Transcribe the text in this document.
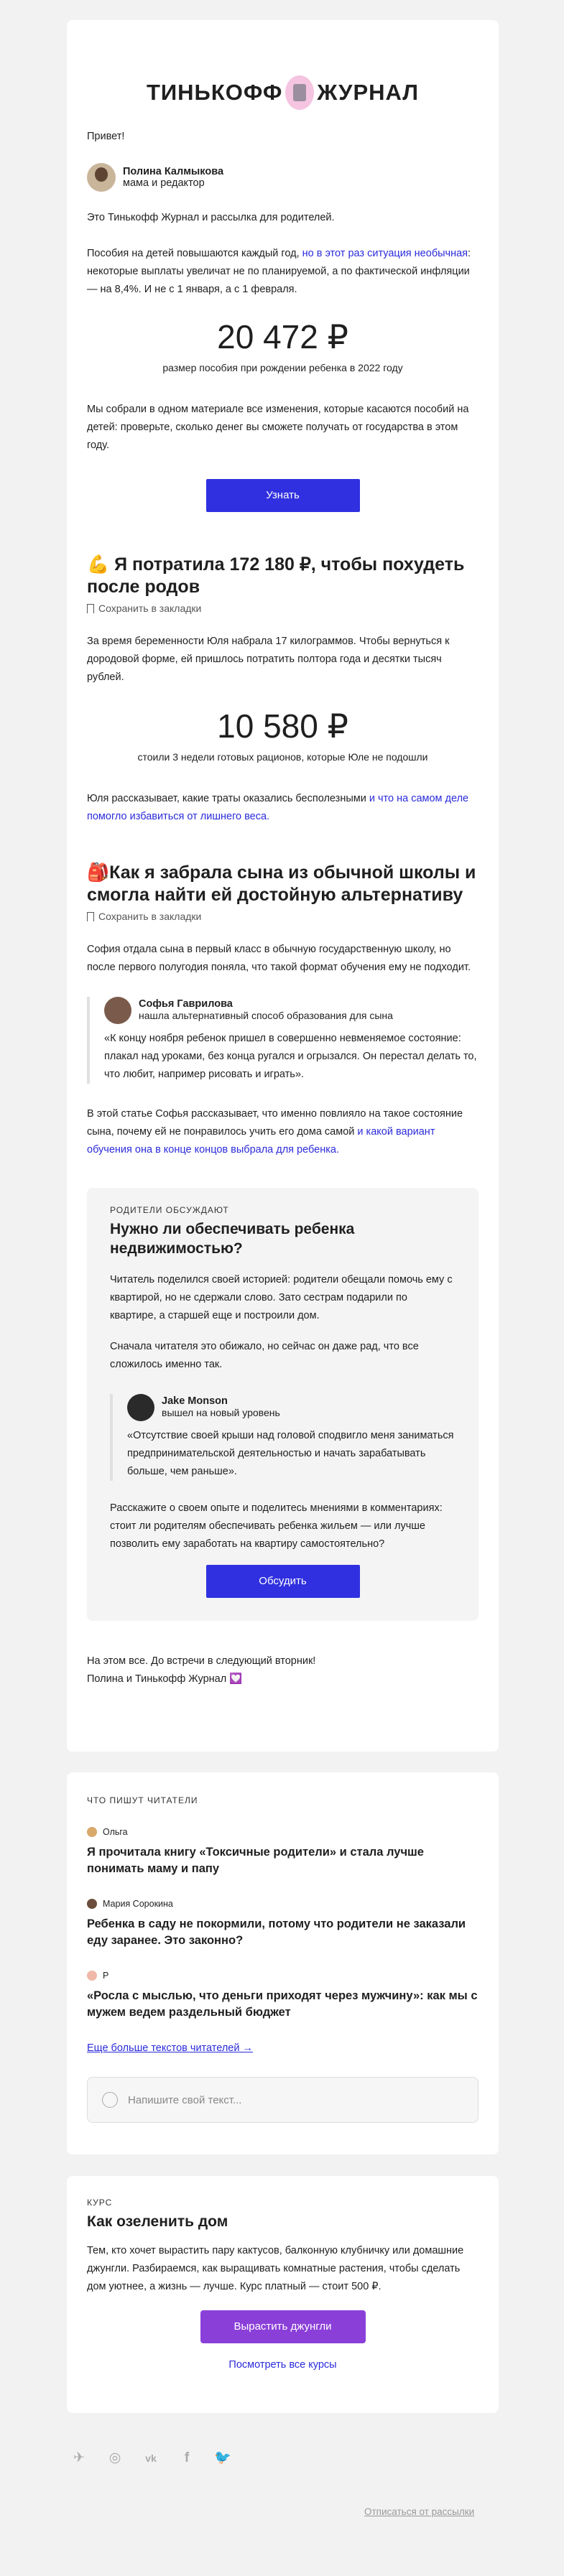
ТИНЬКОФФ ЖУРНАЛ

Привет!

Полина Калмыкова
мама и редактор

Это Тинькофф Журнал и рассылка для родителей.

Пособия на детей повышаются каждый год, но в этот раз ситуация необычная: некоторые выплаты увеличат не по планируемой, а по фактической инфляции — на 8,4%. И не с 1 января, а с 1 февраля.

20 472 ₽
размер пособия при рождении ребенка в 2022 году

Мы собрали в одном материале все изменения, которые касаются пособий на детей: проверьте, сколько денег вы сможете получать от государства в этом году.

Узнать
💪 Я потратила 172 180 ₽, чтобы похудеть после родов
Сохранить в закладки

За время беременности Юля набрала 17 килограммов. Чтобы вернуться к дородовой форме, ей пришлось потратить полтора года и десятки тысяч рублей.

10 580 ₽
стоили 3 недели готовых рационов, которые Юле не подошли

Юля рассказывает, какие траты оказались бесполезными и что на самом деле помогло избавиться от лишнего веса.

🎒Как я забрала сына из обычной школы и смогла найти ей достойную альтернативу
Сохранить в закладки

София отдала сына в первый класс в обычную государственную школу, но после первого полугодия поняла, что такой формат обучения ему не подходит.

Софья Гаврилова
нашла альтернативный способ образования для сына

«К концу ноября ребенок пришел в совершенно невменяемое состояние: плакал над уроками, без конца ругался и огрызался. Он перестал делать то, что любит, например рисовать и играть».

В этой статье Софья рассказывает, что именно повлияло на такое состояние сына, почему ей не понравилось учить его дома самой и какой вариант обучения она в конце концов выбрала для ребенка.

РОДИТЕЛИ ОБСУЖДАЮТ
Нужно ли обеспечивать ребенка недвижимостью?

Читатель поделился своей историей: родители обещали помочь ему с квартирой, но не сдержали слово. Зато сестрам подарили по квартире, а старшей еще и построили дом.

Сначала читателя это обижало, но сейчас он даже рад, что все сложилось именно так.

Jake Monson
вышел на новый уровень

«Отсутствие своей крыши над головой сподвигло меня заниматься предпринимательской деятельностью и начать зарабатывать больше, чем раньше».

Расскажите о своем опыте и поделитесь мнениями в комментариях: стоит ли родителям обеспечивать ребенка жильем — или лучше позволить ему заработать на квартиру самостоятельно?

Обсудить

На этом все. До встречи в следующий вторник!
Полина и Тинькофф Журнал 💟

ЧТО ПИШУТ ЧИТАТЕЛИ
Ольга
Я прочитала книгу «Токсичные родители» и стала лучше понимать маму и папу
Мария Сорокина
Ребенка в саду не покормили, потому что родители не заказали еду заранее. Это законно?
Р
«Росла с мыслью, что деньги приходят через мужчину»: как мы с мужем ведем раздельный бюджет
Еще больше текстов читателей →
Напишите свой текст...
КУРС
Как озеленить дом

Тем, кто хочет вырастить пару кактусов, балконную клубничку или домашние джунгли. Разбираемся, как выращивать комнатные растения, чтобы сделать дом уютнее, а жизнь — лучше. Курс платный — стоит 500 ₽.

Вырастить джунгли
Посмотреть все курсы
✈ ◎	vk	f	🐦
Отписаться от рассылки
